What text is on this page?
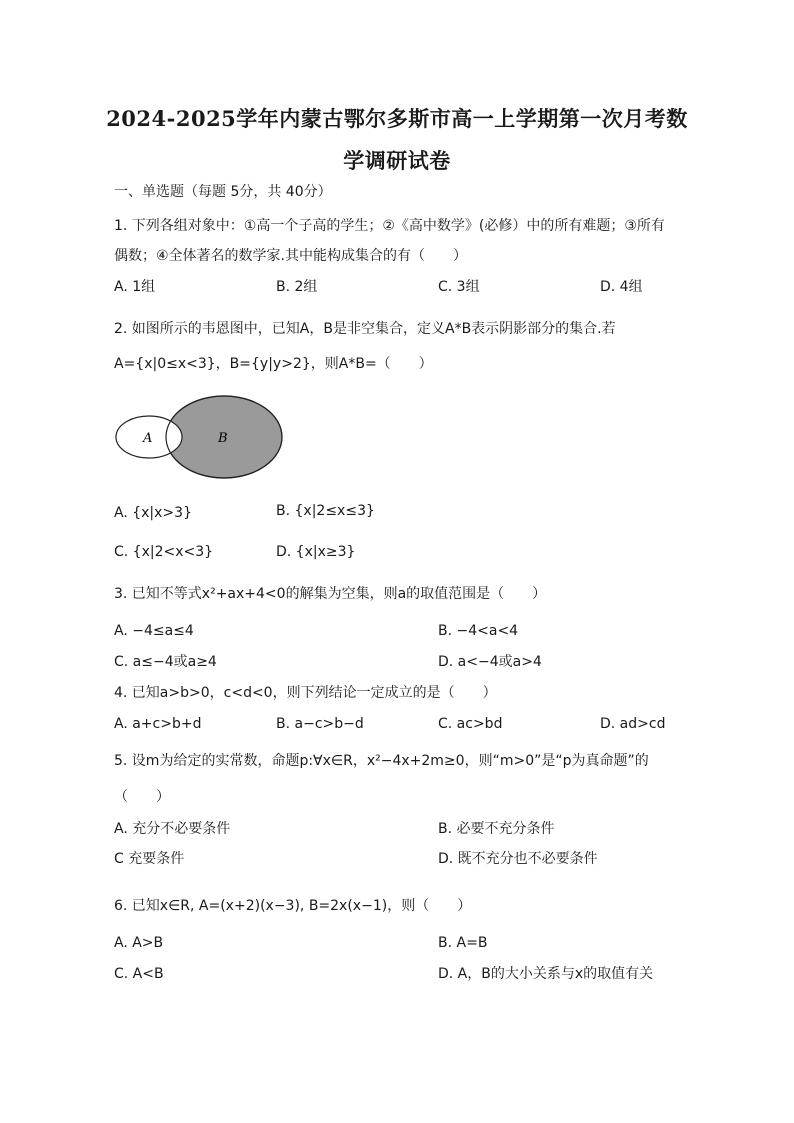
2024-2025学年内蒙古鄂尔多斯市高一上学期第一次月考数
学调研试卷
一、单选题（每题 5分，共 40分）
1. 下列各组对象中：①高一个子高的学生；②《高中数学》(必修）中的所有难题；③所有
偶数；④全体著名的数学家.其中能构成集合的有（　　）
A. 1组	B. 2组	C. 3组	D. 4组
2. 如图所示的韦恩图中，已知A，B是非空集合，定义A*B表示阴影部分的集合.若
A={x|0≤x<3}，B={y|y>2}，则A*B=（　　）
A	B
A. {x|x>3}	B. {x|2≤x≤3}
C. {x|2<x<3}	D. {x|x≥3}
3. 已知不等式x²+ax+4<0的解集为空集，则a的取值范围是（　　）
A. −4≤a≤4	B. −4<a<4
C. a≤−4或a≥4	D. a<−4或a>4
4. 已知a>b>0，c<d<0，则下列结论一定成立的是（　　）
A. a+c>b+d	B. a−c>b−d	C. ac>bd	D. ad>cd
5. 设m为给定的实常数，命题p:∀x∈R，x²−4x+2m≥0，则“m>0”是“p为真命题”的
（　　）
A. 充分不必要条件	B. 必要不充分条件
C 充要条件	D. 既不充分也不必要条件
6. 已知x∈R, A=(x+2)(x−3), B=2x(x−1)，则（　　）
A. A>B	B. A=B
C. A<B	D. A，B的大小关系与x的取值有关
